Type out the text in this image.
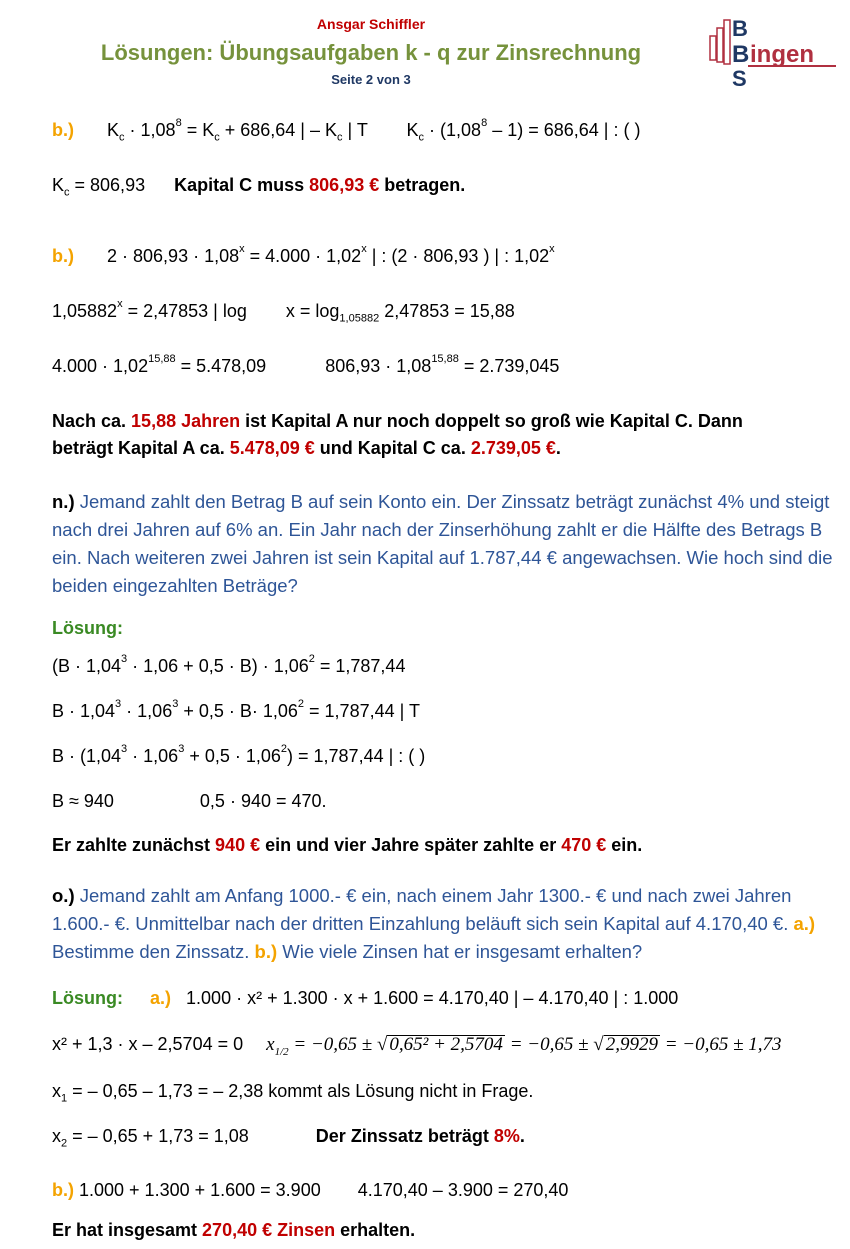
Ansgar Schiffler
Lösungen: Übungsaufgaben k - q zur Zinsrechnung
Seite 2 von 3
B
B
S
ingen
b.) $K_c \cdot 1,08^8 = K_c + 686,64$ | – $K_c$ | T $K_c \cdot (1,08^8 - 1) = 686,64$ | : ( )
$K_c = 806,93$ Kapital C muss 806,93 € betragen.
b.) $2 \cdot 806,93 \cdot 1,08^x = 4.000 \cdot 1,02^x$ | : (2 · 806,93 ) | : 1,02$^x$
$1,05882^x = 2,47853$ | $\log x = \log_{1,05882} 2,47853 = 15,88$
$4.000 \cdot 1,02^{15,88} = 5.478,09$	$806,93 \cdot 1,08^{15,88} = 2.739,045$
Nach ca. 15,88 Jahren ist Kapital A nur noch doppelt so groß wie Kapital C. Dann
beträgt Kapital A ca. 5.478,09 € und Kapital C ca. 2.739,05 €.
n.) Jemand zahlt den Betrag B auf sein Konto ein. Der Zinssatz beträgt zunächst 4% und steigt nach drei Jahren auf 6% an. Ein Jahr nach der Zinserhöhung zahlt er die Hälfte des Betrags B ein. Nach weiteren zwei Jahren ist sein Kapital auf 1.787,44 € angewachsen. Wie hoch sind die beiden eingezahlten Beträge?
Lösung:
$(B \cdot 1,04^3 \cdot 1,06 + 0,5 \cdot B) \cdot 1,06^2 = 1,787,44$
$B \cdot 1,04^3 \cdot 1,06^3 + 0,5 \cdot B\cdot 1,06^2 = 1,787,44$ | T
$B \cdot (1,04^3 \cdot 1,06^3 + 0,5 \cdot 1,06^2) = 1,787,44$ | : ( )
B ≈ 940	0,5 · 940 = 470.
Er zahlte zunächst 940 € ein und vier Jahre später zahlte er 470 € ein.
o.) Jemand zahlt am Anfang 1000.- € ein, nach einem Jahr 1300.- € und nach zwei Jahren 1.600.- €. Unmittelbar nach der dritten Einzahlung beläuft sich sein Kapital auf 4.170,40 €. a.) Bestimme den Zinssatz. b.) Wie viele Zinsen hat er insgesamt erhalten?
Lösung: a.) 1.000 · x² + 1.300 · x + 1.600 = 4.170,40 | – 4.170,40 | : 1.000
x² + 1,3 · x – 2,5704 = 0 $x_{1/2} = -0,65$ ± √ 0,65² + 2,5704 = −0,65 ± √ 2,9929 = −0,65 ± 1,73
$x_1$ = – 0,65 – 1,73 = – 2,38 kommt als Lösung nicht in Frage.
$x_2$ = – 0,65 + 1,73 = 1,08	Der Zinssatz beträgt 8%.
b.) 1.000 + 1.300 + 1.600 = 3.900 4.170,40 – 3.900 = 270,40
Er hat insgesamt 270,40 € Zinsen erhalten.
